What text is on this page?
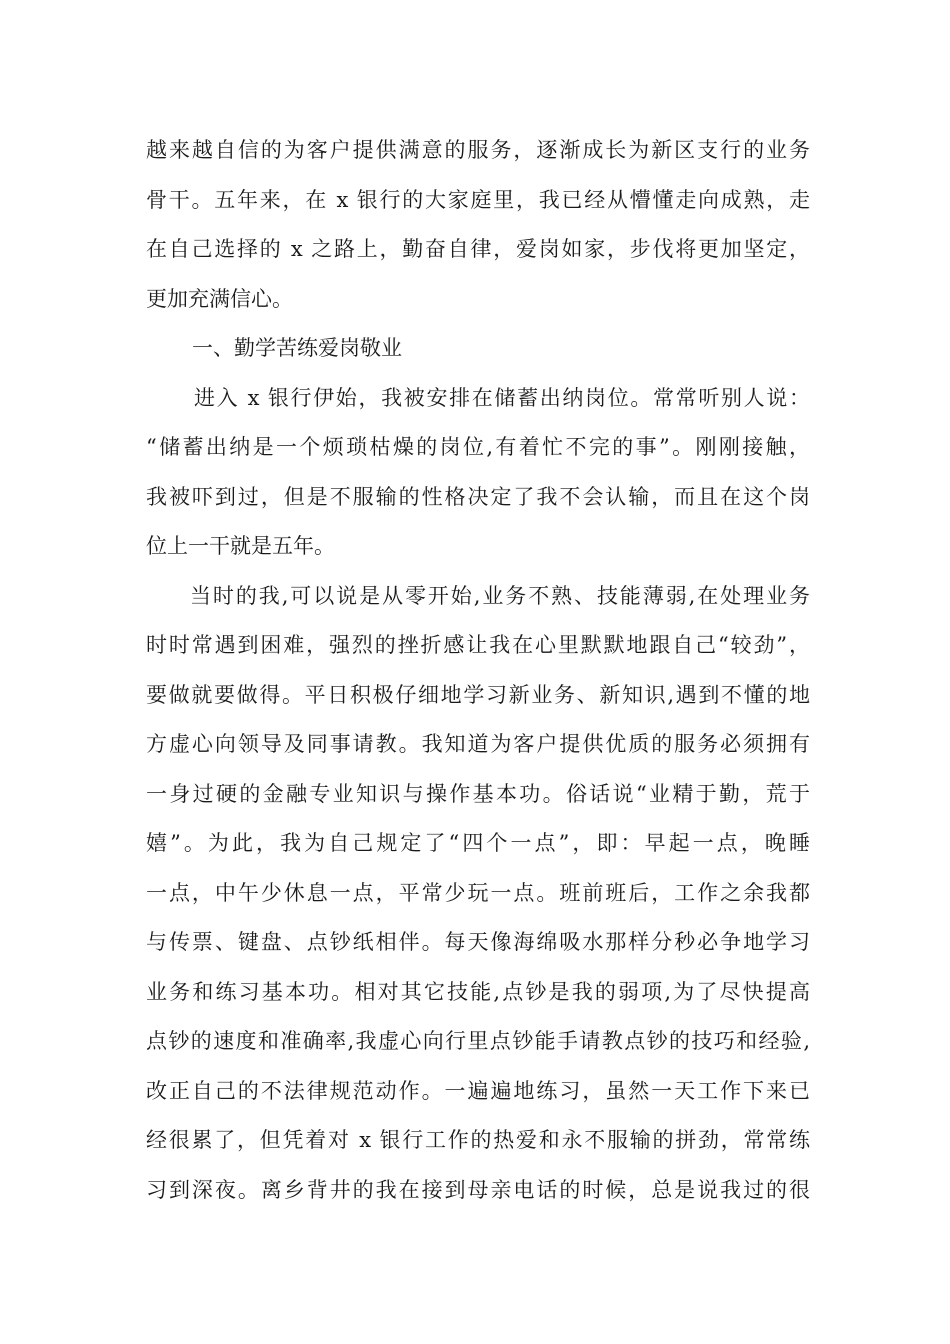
越来越自信的为客户提供满意的服务，逐渐成长为新区支行的业务
骨干。五年来，在 x 银行的大家庭里，我已经从懵懂走向成熟，走
在自己选择的 x 之路上，勤奋自律，爱岗如家，步伐将更加坚定，
更加充满信心。
一、勤学苦练爱岗敬业
进入 x 银行伊始，我被安排在储蓄出纳岗位。常常听别人说：
“储蓄出纳是一个烦琐枯燥的岗位,有着忙不完的事”。刚刚接触，
我被吓到过，但是不服输的性格决定了我不会认输，而且在这个岗
位上一干就是五年。
当时的我,可以说是从零开始,业务不熟、技能薄弱,在处理业务
时时常遇到困难，强烈的挫折感让我在心里默默地跟自己“较劲”，
要做就要做得。平日积极仔细地学习新业务、新知识,遇到不懂的地
方虚心向领导及同事请教。我知道为客户提供优质的服务必须拥有
一身过硬的金融专业知识与操作基本功。俗话说“业精于勤，荒于
嬉”。为此，我为自己规定了“四个一点”，即：早起一点，晚睡
一点，中午少休息一点，平常少玩一点。班前班后，工作之余我都
与传票、键盘、点钞纸相伴。每天像海绵吸水那样分秒必争地学习
业务和练习基本功。相对其它技能,点钞是我的弱项,为了尽快提高
点钞的速度和准确率,我虚心向行里点钞能手请教点钞的技巧和经验,
改正自己的不法律规范动作。一遍遍地练习，虽然一天工作下来已
经很累了，但凭着对 x 银行工作的热爱和永不服输的拼劲，常常练
习到深夜。离乡背井的我在接到母亲电话的时候，总是说我过的很
